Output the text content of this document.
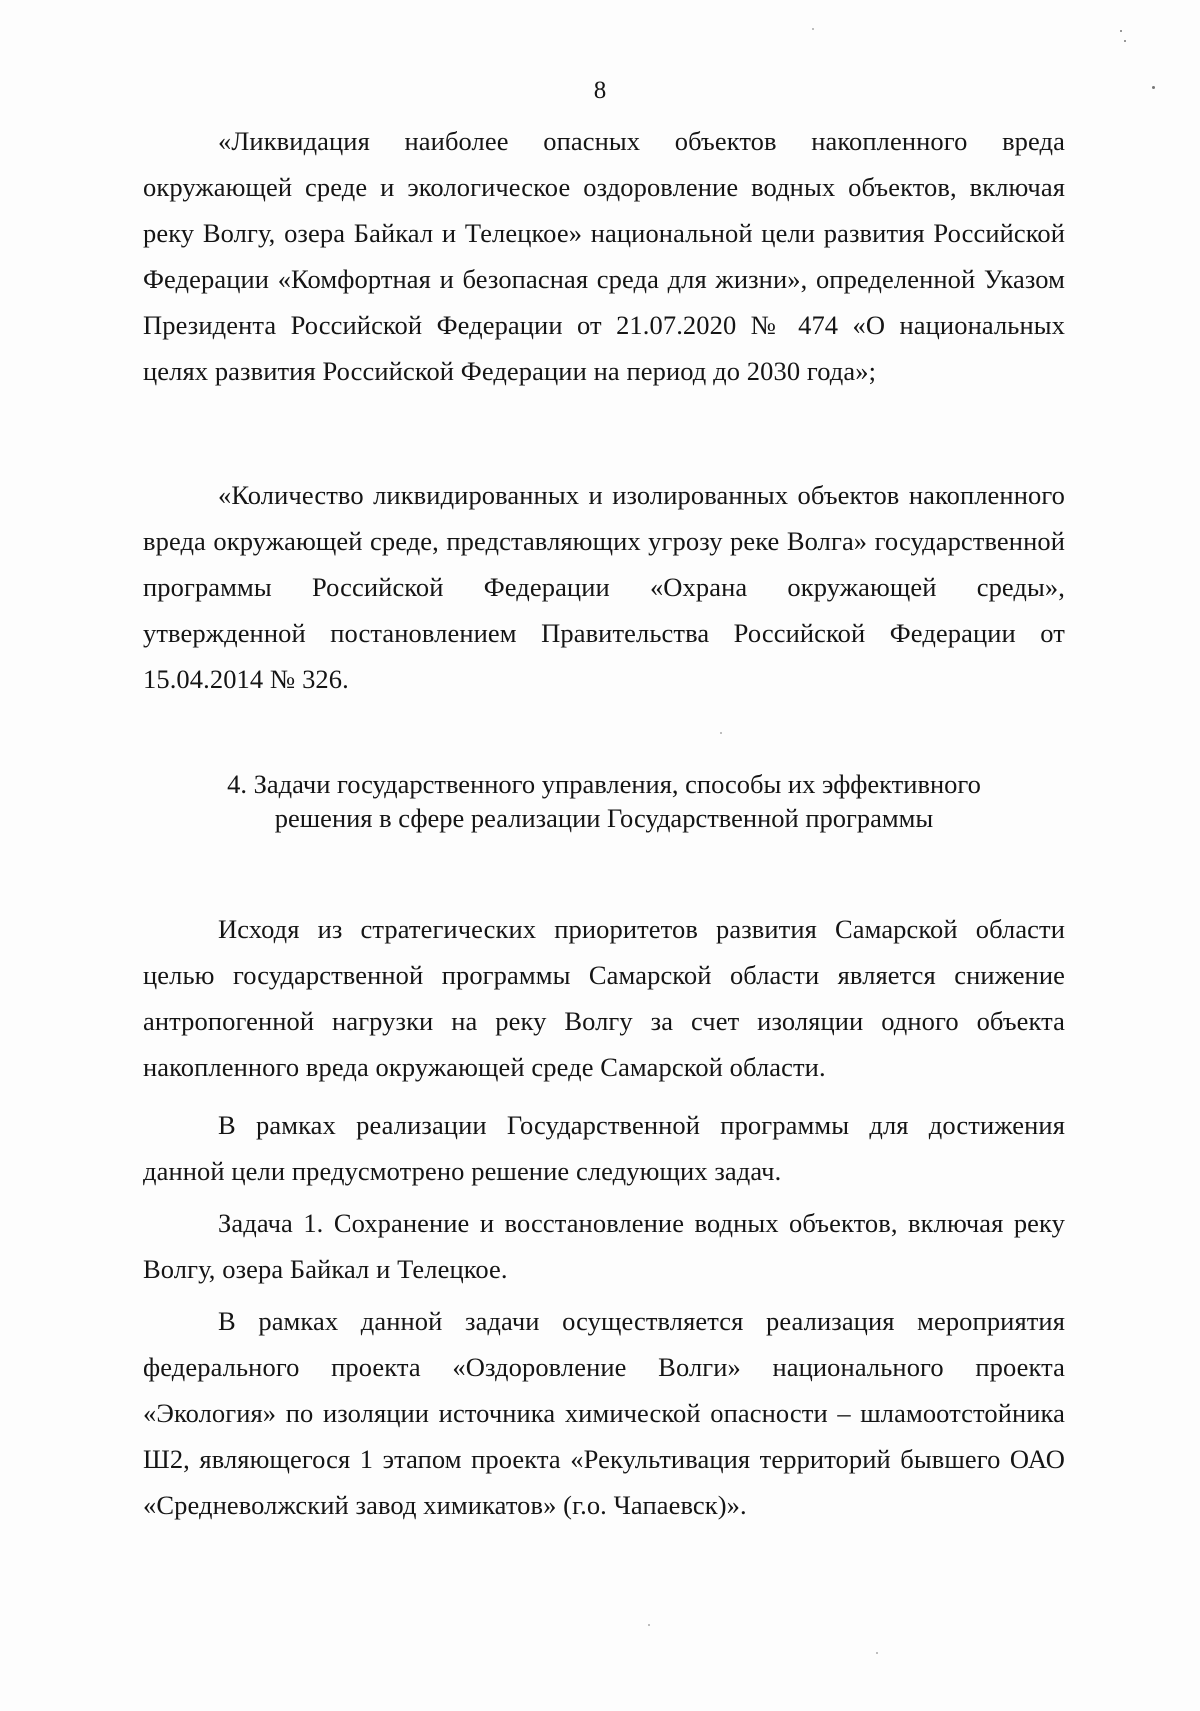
8

«Ликвидация наиболее опасных объектов накопленного вреда окружающей среде и экологическое оздоровление водных объектов, включая реку Волгу, озера Байкал и Телецкое» национальной цели развития Российской Федерации «Комфортная и безопасная среда для жизни», определенной Указом Президента Российской Федерации от 21.07.2020 № 474 «О национальных целях развития Российской Федерации на период до 2030 года»;

«Количество ликвидированных и изолированных объектов накопленного вреда окружающей среде, представляющих угрозу реке Волга» государственной программы Российской Федерации «Охрана окружающей среды», утвержденной постановлением Правительства Российской Федерации от 15.04.2014 № 326.

4. Задачи государственного управления, способы их эффективного
решения в сфере реализации Государственной программы

Исходя из стратегических приоритетов развития Самарской области целью государственной программы Самарской области является снижение антропогенной нагрузки на реку Волгу за счет изоляции одного объекта накопленного вреда окружающей среде Самарской области.

В рамках реализации Государственной программы для достижения данной цели предусмотрено решение следующих задач.

Задача 1. Сохранение и восстановление водных объектов, включая реку Волгу, озера Байкал и Телецкое.

В рамках данной задачи осуществляется реализация мероприятия федерального проекта «Оздоровление Волги» национального проекта «Экология» по изоляции источника химической опасности – шламоотстойника Ш2, являющегося 1 этапом проекта «Рекультивация территорий бывшего ОАО «Средневолжский завод химикатов» (г.о. Чапаевск)».
